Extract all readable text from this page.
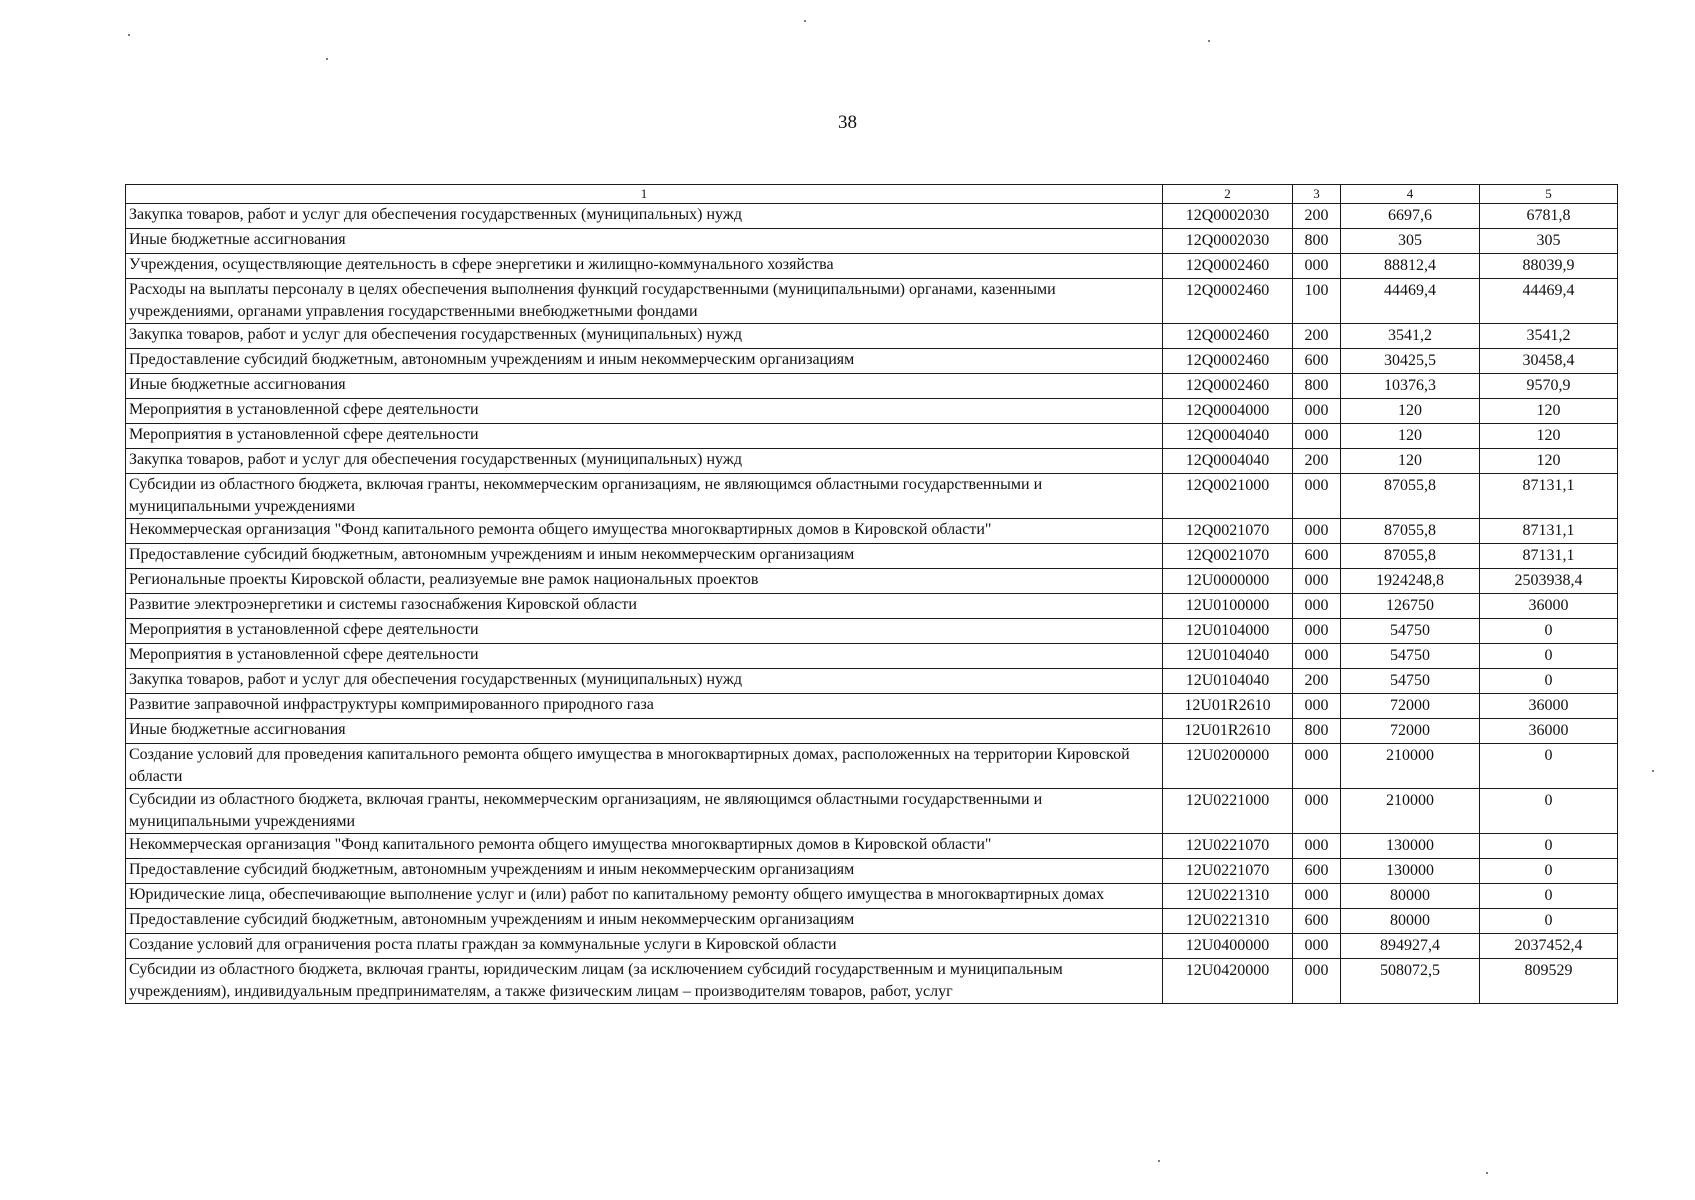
38
1	2	3	4	5
Закупка товаров, работ и услуг для обеспечения государственных (муниципальных) нужд	12Q0002030	200	6697,6	6781,8
Иные бюджетные ассигнования	12Q0002030	800	305	305
Учреждения, осуществляющие деятельность в сфере энергетики и жилищно-коммунального хозяйства	12Q0002460	000	88812,4	88039,9
Расходы на выплаты персоналу в целях обеспечения выполнения функций государственными (муниципальными) органами, казенными учреждениями, органами управления государственными внебюджетными фондами	12Q0002460	100	44469,4	44469,4
Закупка товаров, работ и услуг для обеспечения государственных (муниципальных) нужд	12Q0002460	200	3541,2	3541,2
Предоставление субсидий бюджетным, автономным учреждениям и иным некоммерческим организациям	12Q0002460	600	30425,5	30458,4
Иные бюджетные ассигнования	12Q0002460	800	10376,3	9570,9
Мероприятия в установленной сфере деятельности	12Q0004000	000	120	120
Мероприятия в установленной сфере деятельности	12Q0004040	000	120	120
Закупка товаров, работ и услуг для обеспечения государственных (муниципальных) нужд	12Q0004040	200	120	120
Субсидии из областного бюджета, включая гранты, некоммерческим организациям, не являющимся областными государственными и муниципальными учреждениями	12Q0021000	000	87055,8	87131,1
Некоммерческая организация "Фонд капитального ремонта общего имущества многоквартирных домов в Кировской области"	12Q0021070	000	87055,8	87131,1
Предоставление субсидий бюджетным, автономным учреждениям и иным некоммерческим организациям	12Q0021070	600	87055,8	87131,1
Региональные проекты Кировской области, реализуемые вне рамок национальных проектов	12U0000000	000	1924248,8	2503938,4
Развитие электроэнергетики и системы газоснабжения Кировской области	12U0100000	000	126750	36000
Мероприятия в установленной сфере деятельности	12U0104000	000	54750	0
Мероприятия в установленной сфере деятельности	12U0104040	000	54750	0
Закупка товаров, работ и услуг для обеспечения государственных (муниципальных) нужд	12U0104040	200	54750	0
Развитие заправочной инфраструктуры компримированного природного газа	12U01R2610	000	72000	36000
Иные бюджетные ассигнования	12U01R2610	800	72000	36000
Создание условий для проведения капитального ремонта общего имущества в многоквартирных домах, расположенных на территории Кировской области	12U0200000	000	210000	0
Субсидии из областного бюджета, включая гранты, некоммерческим организациям, не являющимся областными государственными и муниципальными учреждениями	12U0221000	000	210000	0
Некоммерческая организация "Фонд капитального ремонта общего имущества многоквартирных домов в Кировской области"	12U0221070	000	130000	0
Предоставление субсидий бюджетным, автономным учреждениям и иным некоммерческим организациям	12U0221070	600	130000	0
Юридические лица, обеспечивающие выполнение услуг и (или) работ по капитальному ремонту общего имущества в многоквартирных домах	12U0221310	000	80000	0
Предоставление субсидий бюджетным, автономным учреждениям и иным некоммерческим организациям	12U0221310	600	80000	0
Создание условий для ограничения роста платы граждан за коммунальные услуги в Кировской области	12U0400000	000	894927,4	2037452,4
Субсидии из областного бюджета, включая гранты, юридическим лицам (за исключением субсидий государственным и муниципальным учреждениям), индивидуальным предпринимателям, а также физическим лицам – производителям товаров, работ, услуг	12U0420000	000	508072,5	809529
